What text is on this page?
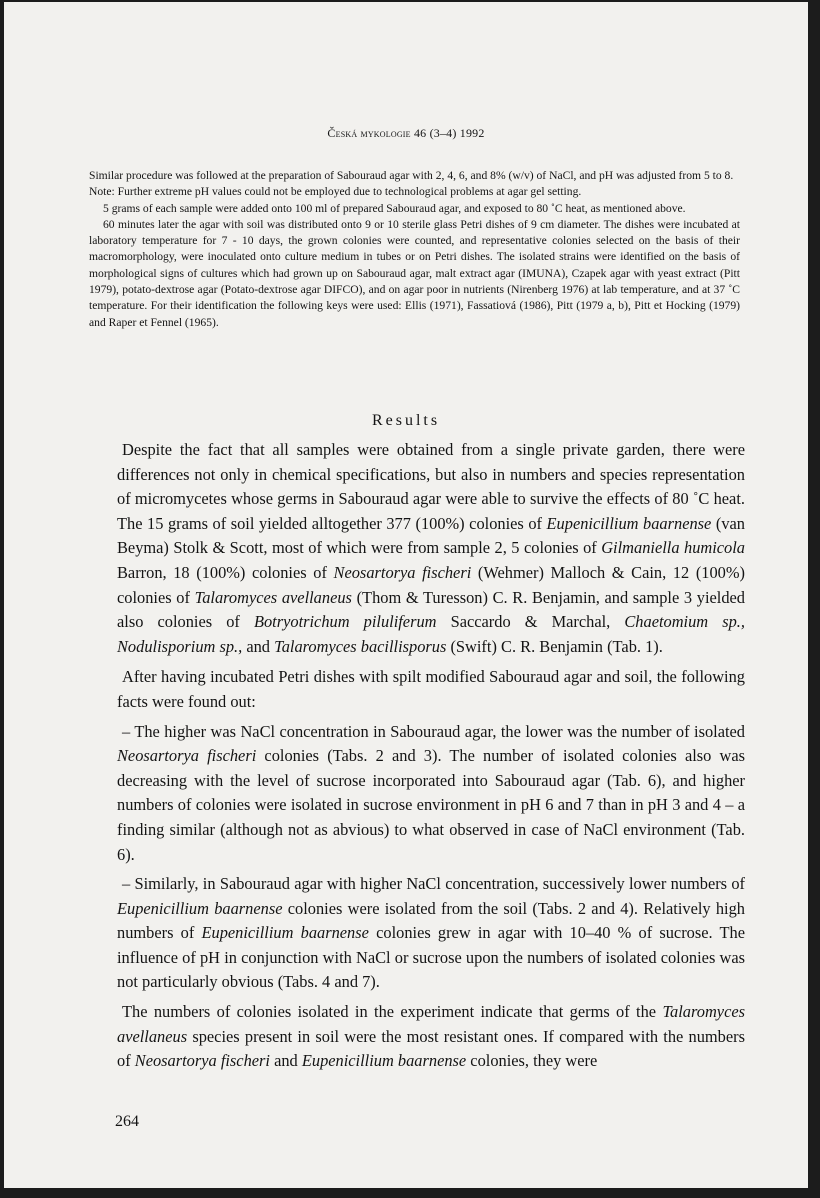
Česká mykologie 46 (3–4) 1992

Similar procedure was followed at the preparation of Sabouraud agar with 2, 4, 6, and 8% (w/v) of NaCl, and pH was adjusted from 5 to 8.

Note: Further extreme pH values could not be employed due to technological problems at agar gel setting.

5 grams of each sample were added onto 100 ml of prepared Sabouraud agar, and exposed to 80 ˚C heat, as mentioned above.

60 minutes later the agar with soil was distributed onto 9 or 10 sterile glass Petri dishes of 9 cm diameter. The dishes were incubated at laboratory temperature for 7 - 10 days, the grown colonies were counted, and representative colonies selected on the basis of their macromorphology, were inoculated onto culture medium in tubes or on Petri dishes. The isolated strains were identified on the basis of morphological signs of cultures which had grown up on Sabouraud agar, malt extract agar (IMUNA), Czapek agar with yeast extract (Pitt 1979), potato-dextrose agar (Potato-dextrose agar DIFCO), and on agar poor in nutrients (Nirenberg 1976) at lab temperature, and at 37 ˚C temperature. For their identification the following keys were used: Ellis (1971), Fassatiová (1986), Pitt (1979 a, b), Pitt et Hocking (1979) and Raper et Fennel (1965).

Results

Despite the fact that all samples were obtained from a single private garden, there were differences not only in chemical specifications, but also in numbers and species representation of micromycetes whose germs in Sabouraud agar were able to survive the effects of 80 ˚C heat. The 15 grams of soil yielded alltogether 377 (100%) colonies of Eupenicillium baarnense (van Beyma) Stolk & Scott, most of which were from sample 2, 5 colonies of Gilmaniella humicola Barron, 18 (100%) colonies of Neosartorya fischeri (Wehmer) Malloch & Cain, 12 (100%) colonies of Talaromyces avellaneus (Thom & Turesson) C. R. Benjamin, and sample 3 yielded also colonies of Botryotrichum piluliferum Saccardo & Marchal, Chaetomium sp., Nodulisporium sp., and Talaromyces bacillisporus (Swift) C. R. Benjamin (Tab. 1).

After having incubated Petri dishes with spilt modified Sabouraud agar and soil, the following facts were found out:

– The higher was NaCl concentration in Sabouraud agar, the lower was the number of isolated Neosartorya fischeri colonies (Tabs. 2 and 3). The number of isolated colonies also was decreasing with the level of sucrose incorporated into Sabouraud agar (Tab. 6), and higher numbers of colonies were isolated in sucrose environment in pH 6 and 7 than in pH 3 and 4 – a finding similar (although not as abvious) to what observed in case of NaCl environment (Tab. 6).

– Similarly, in Sabouraud agar with higher NaCl concentration, successively lower numbers of Eupenicillium baarnense colonies were isolated from the soil (Tabs. 2 and 4). Relatively high numbers of Eupenicillium baarnense colonies grew in agar with 10–40 % of sucrose. The influence of pH in conjunction with NaCl or sucrose upon the numbers of isolated colonies was not particularly obvious (Tabs. 4 and 7).

The numbers of colonies isolated in the experiment indicate that germs of the Talaromyces avellaneus species present in soil were the most resistant ones. If compared with the numbers of Neosartorya fischeri and Eupenicillium baarnense colonies, they were

264
